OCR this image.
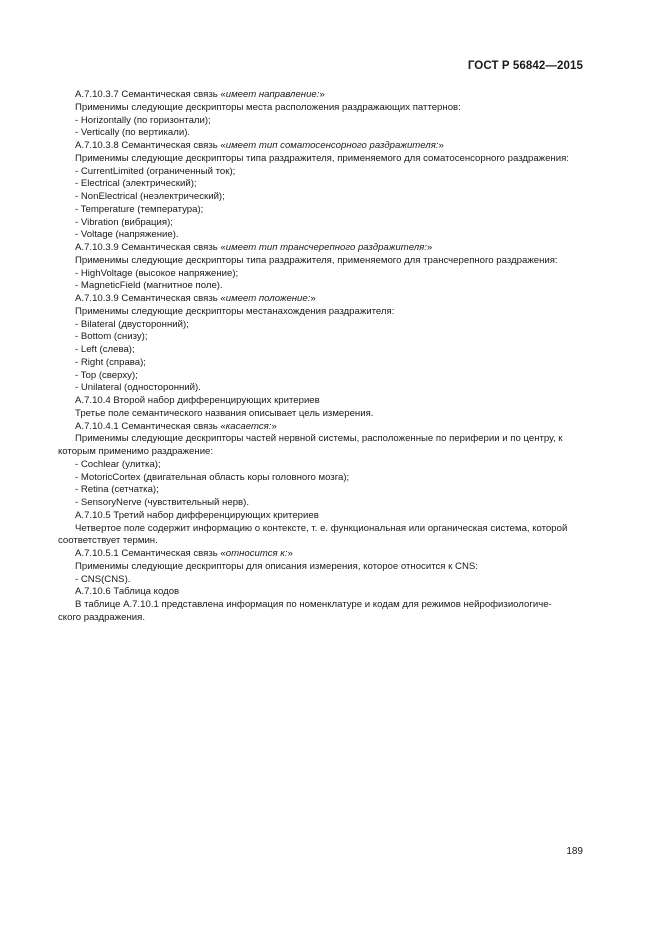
ГОСТ Р 56842—2015

А.7.10.3.7 Семантическая связь «имеет направление:»

Применимы следующие дескрипторы места расположения раздражающих паттернов:

- Horizontally (по горизонтали);

- Vertically (по вертикали).

А.7.10.3.8 Семантическая связь «имеет тип соматосенсорного раздражителя:»

Применимы следующие дескрипторы типа раздражителя, применяемого для соматосенсорного раздражения:

- CurrentLimited (ограниченный ток);

- Electrical (электрический);

- NonElectrical (неэлектрический);

- Temperature (температура);

- Vibration (вибрация);

- Voltage (напряжение).

А.7.10.3.9 Семантическая связь «имеет тип трансчерепного раздражителя:»

Применимы следующие дескрипторы типа раздражителя, применяемого для трансчерепного раздражения:

- HighVoltage (высокое напряжение);

- MagneticField (магнитное поле).

А.7.10.3.9 Семантическая связь «имеет положение:»

Применимы следующие дескрипторы местанахождения раздражителя:

- Bilateral (двусторонний);

- Bottom (снизу);

- Left (слева);

- Right (справа);

- Top (сверху);

- Unilateral (односторонний).

А.7.10.4 Второй набор дифференцирующих критериев

Третье поле семантического названия описывает цель измерения.

А.7.10.4.1 Семантическая связь «касается:»

Применимы следующие дескрипторы частей нервной системы, расположенные по периферии и по центру, к

которым применимо раздражение:

- Cochlear (улитка);

- MotoricCortex (двигательная область коры головного мозга);

- Retina (сетчатка);

- SensoryNerve (чувствительный нерв).

А.7.10.5 Третий набор дифференцирующих критериев

Четвертое поле содержит информацию о контексте, т. е. функциональная или органическая система, которой

соответствует термин.

А.7.10.5.1 Семантическая связь «относится к:»

Применимы следующие дескрипторы для описания измерения, которое относится к CNS:

- CNS(CNS).

А.7.10.6 Таблица кодов

В таблице А.7.10.1 представлена информация по номенклатуре и кодам для режимов нейрофизиологиче-

ского раздражения.

189
